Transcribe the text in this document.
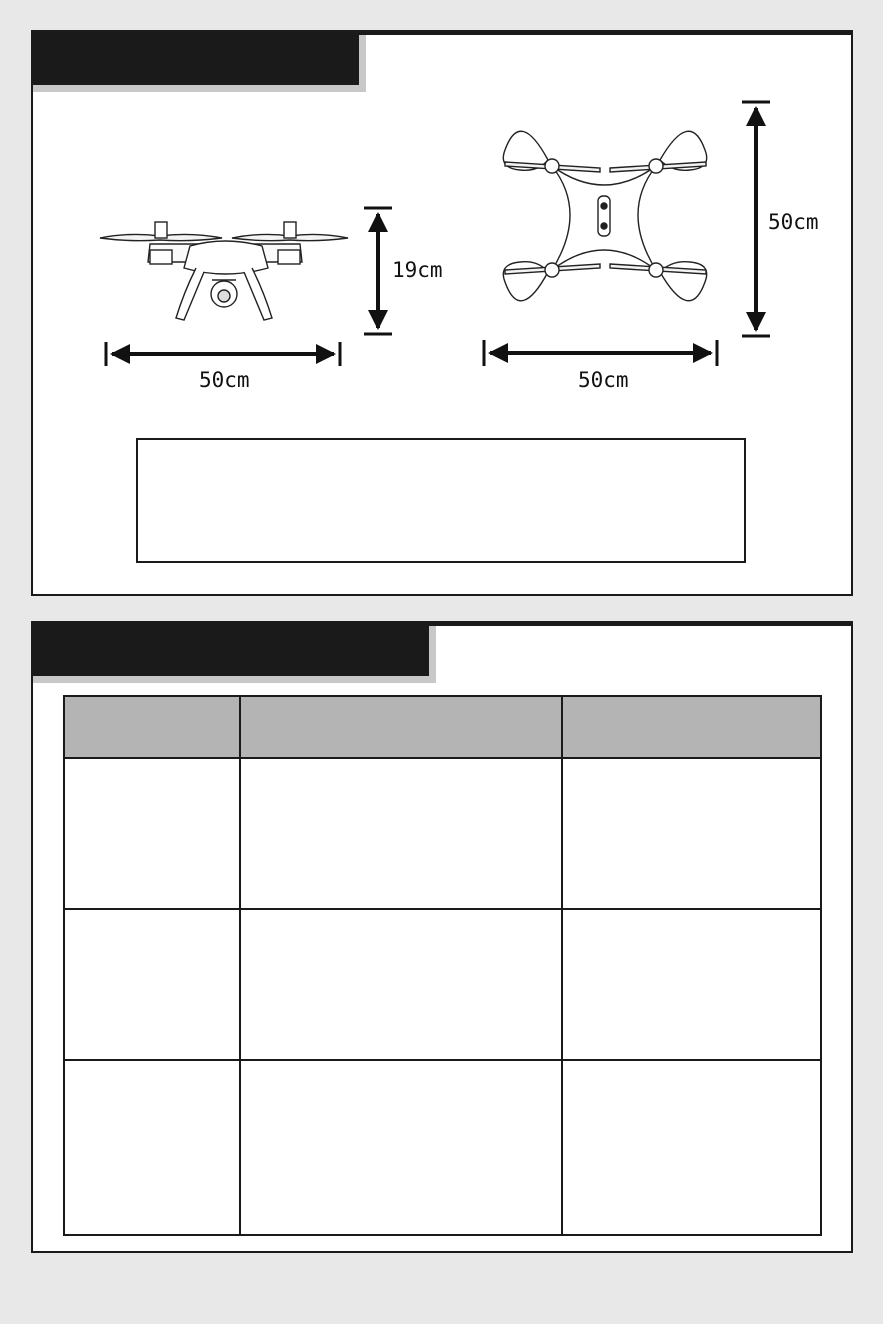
50cm
19cm
50cm
50cm
